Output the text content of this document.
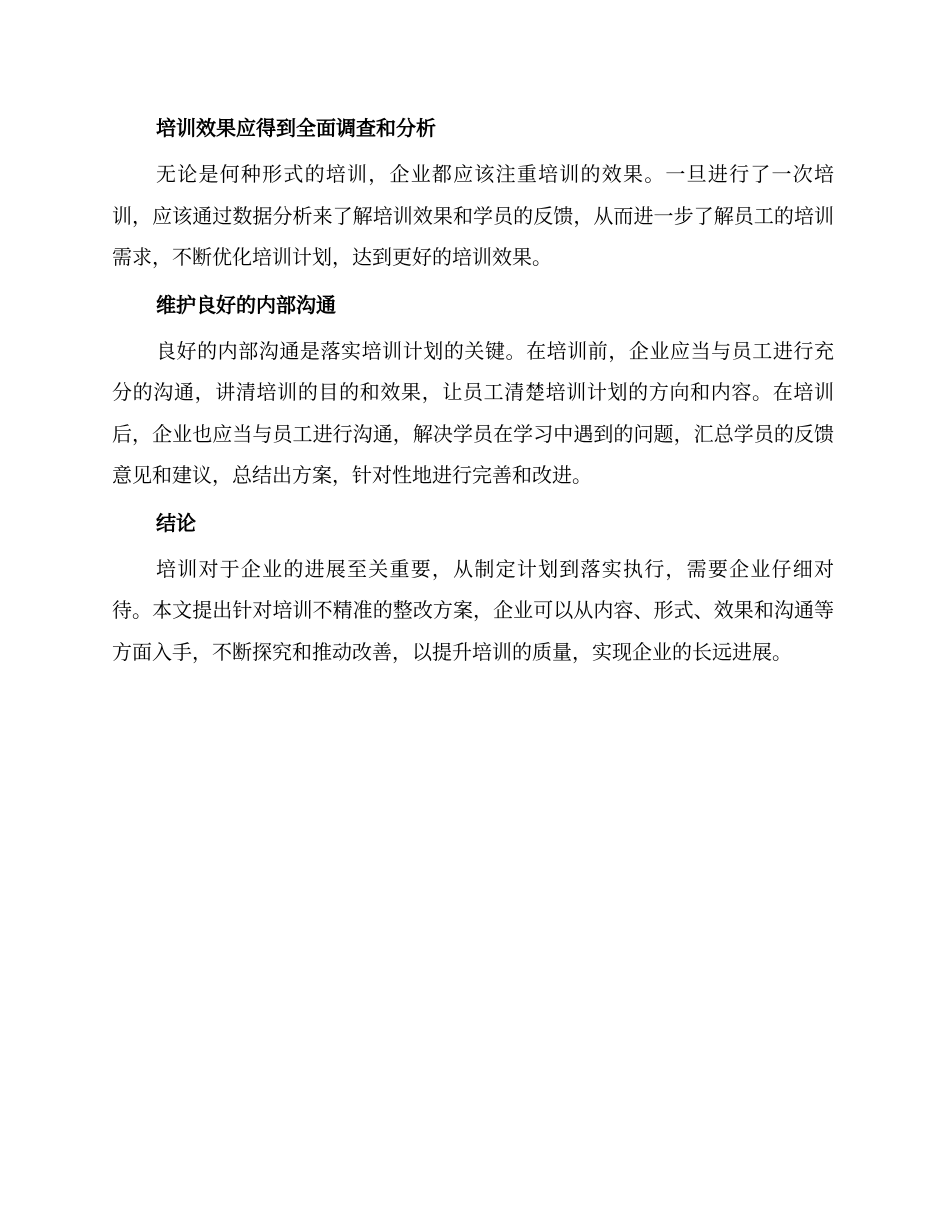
培训效果应得到全面调查和分析

无论是何种形式的培训，企业都应该注重培训的效果。一旦进行了一次培训，应该通过数据分析来了解培训效果和学员的反馈，从而进一步了解员工的培训需求，不断优化培训计划，达到更好的培训效果。

维护良好的内部沟通

良好的内部沟通是落实培训计划的关键。在培训前，企业应当与员工进行充分的沟通，讲清培训的目的和效果，让员工清楚培训计划的方向和内容。在培训后，企业也应当与员工进行沟通，解决学员在学习中遇到的问题，汇总学员的反馈意见和建议，总结出方案，针对性地进行完善和改进。

结论

培训对于企业的进展至关重要，从制定计划到落实执行，需要企业仔细对待。本文提出针对培训不精准的整改方案，企业可以从内容、形式、效果和沟通等方面入手，不断探究和推动改善，以提升培训的质量，实现企业的长远进展。
